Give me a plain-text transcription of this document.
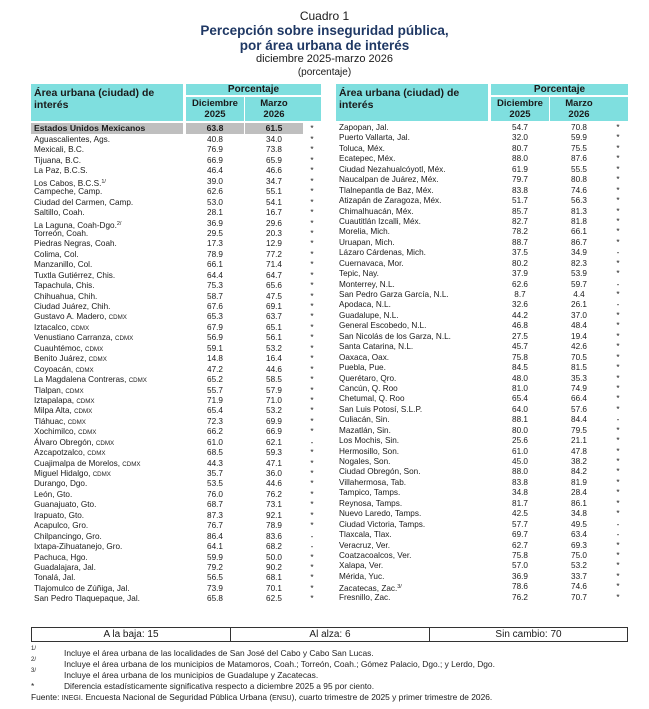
Cuadro 1
Percepción sobre inseguridad pública,
por área urbana de interés
diciembre 2025-marzo 2026
(porcentaje)
Área urbana (ciudad) de interés
Porcentaje
Diciembre
2025
Marzo
2026
Estados Unidos Mexicanos	63.8	61.5	*
Aguascalientes, Ags.	40.8	34.0	*
Mexicali, B.C.	76.9	73.8	*
Tijuana, B.C.	66.9	65.9	*
La Paz, B.C.S.	46.4	46.6	*
Los Cabos, B.C.S.$^{1/}$	39.0	34.7	*
Campeche, Camp.	62.6	55.1	*
Ciudad del Carmen, Camp.	53.0	54.1	*
Saltillo, Coah.	28.1	16.7	*
La Laguna, Coah-Dgo.$^{2/}$	36.9	29.6	*
Torreón, Coah.	29.5	20.3	*
Piedras Negras, Coah.	17.3	12.9	*
Colima, Col.	78.9	77.2	*
Manzanillo, Col.	66.1	71.4	*
Tuxtla Gutiérrez, Chis.	64.4	64.7	*
Tapachula, Chis.	75.3	65.6	*
Chihuahua, Chih.	58.7	47.5	*
Ciudad Juárez, Chih.	67.6	69.1	*
Gustavo A. Madero, CDMX	65.3	63.7	*
Iztacalco, CDMX	67.9	65.1	*
Venustiano Carranza, CDMX	56.9	56.1	*
Cuauhtémoc, CDMX	59.1	53.2	*
Benito Juárez, CDMX	14.8	16.4	*
Coyoacán, CDMX	47.2	44.6	*
La Magdalena Contreras, CDMX	65.2	58.5	*
Tlalpan, CDMX	55.7	57.9	*
Iztapalapa, CDMX	71.9	71.0	*
Milpa Alta, CDMX	65.4	53.2	*
Tláhuac, CDMX	72.3	69.9	*
Xochimilco, CDMX	66.2	66.9	*
Álvaro Obregón, CDMX	61.0	62.1	-
Azcapotzalco, CDMX	68.5	59.3	*
Cuajimalpa de Morelos, CDMX	44.3	47.1	*
Miguel Hidalgo, CDMX	35.7	36.0	*
Durango, Dgo.	53.5	44.6	*
León, Gto.	76.0	76.2	*
Guanajuato, Gto.	68.7	73.1	*
Irapuato, Gto.	87.3	92.1	*
Acapulco, Gro.	76.7	78.9	*
Chilpancingo, Gro.	86.4	83.6	-
Ixtapa-Zihuatanejo, Gro.	64.1	68.2	-
Pachuca, Hgo.	59.9	50.0	*
Guadalajara, Jal.	79.2	90.2	*
Tonalá, Jal.	56.5	68.1	*
Tlajomulco de Zúñiga, Jal.	73.9	70.1	*
San Pedro Tlaquepaque, Jal.	65.8	62.5	*
Área urbana (ciudad) de interés
Porcentaje
Diciembre
2025
Marzo
2026
Zapopan, Jal.	54.7	70.8	*
Puerto Vallarta, Jal.	32.0	59.9	*
Toluca, Méx.	80.7	75.5	*
Ecatepec, Méx.	88.0	87.6	*
Ciudad Nezahualcóyotl, Méx.	61.9	55.5	*
Naucalpan de Juárez, Méx.	79.7	80.8	*
Tlalnepantla de Baz, Méx.	83.8	74.6	*
Atizapán de Zaragoza, Méx.	51.7	56.3	*
Chimalhuacán, Méx.	85.7	81.3	*
Cuautitlán Izcalli, Méx.	82.7	81.8	*
Morelia, Mich.	78.2	66.1	*
Uruapan, Mich.	88.7	86.7	*
Lázaro Cárdenas, Mich.	37.5	34.9	-
Cuernavaca, Mor.	80.2	82.3	*
Tepic, Nay.	37.9	53.9	*
Monterrey, N.L.	62.6	59.7	-
San Pedro Garza García, N.L.	8.7	4.4	*
Apodaca, N.L.	32.6	26.1	-
Guadalupe, N.L.	44.2	37.0	*
General Escobedo, N.L.	46.8	48.4	*
San Nicolás de los Garza, N.L.	27.5	19.4	*
Santa Catarina, N.L.	45.7	42.6	*
Oaxaca, Oax.	75.8	70.5	*
Puebla, Pue.	84.5	81.5	*
Querétaro, Qro.	48.0	35.3	*
Cancún, Q. Roo	81.0	74.9	*
Chetumal, Q. Roo	65.4	66.4	*
San Luis Potosí, S.L.P.	64.0	57.6	*
Culiacán, Sin.	88.1	84.4	-
Mazatlán, Sin.	80.0	79.5	*
Los Mochis, Sin.	25.6	21.1	*
Hermosillo, Son.	61.0	47.8	*
Nogales, Son.	45.0	38.2	*
Ciudad Obregón, Son.	88.0	84.2	*
Villahermosa, Tab.	83.8	81.9	*
Tampico, Tamps.	34.8	28.4	*
Reynosa, Tamps.	81.7	86.1	*
Nuevo Laredo, Tamps.	42.5	34.8	*
Ciudad Victoria, Tamps.	57.7	49.5	-
Tlaxcala, Tlax.	69.7	63.4	-
Veracruz, Ver.	62.7	69.3	*
Coatzacoalcos, Ver.	75.8	75.0	*
Xalapa, Ver.	57.0	53.2	*
Mérida, Yuc.	36.9	33.7	*
Zacatecas, Zac.$^{3/}$	78.6	74.6	*
Fresnillo, Zac.	76.2	70.7	*
A la baja: 15	Al alza: 6	Sin cambio: 70
1/	Incluye el área urbana de las localidades de San José del Cabo y Cabo San Lucas.
2/	Incluye el área urbana de los municipios de Matamoros, Coah.; Torreón, Coah.; Gómez Palacio, Dgo.; y Lerdo, Dgo.
3/	Incluye el área urbana de los municipios de Guadalupe y Zacatecas.
*	Diferencia estadísticamente significativa respecto a diciembre 2025 a 95 por ciento.
Fuente: INEGI. Encuesta Nacional de Seguridad Pública Urbana (ENSU), cuarto trimestre de 2025 y primer trimestre de 2026.
